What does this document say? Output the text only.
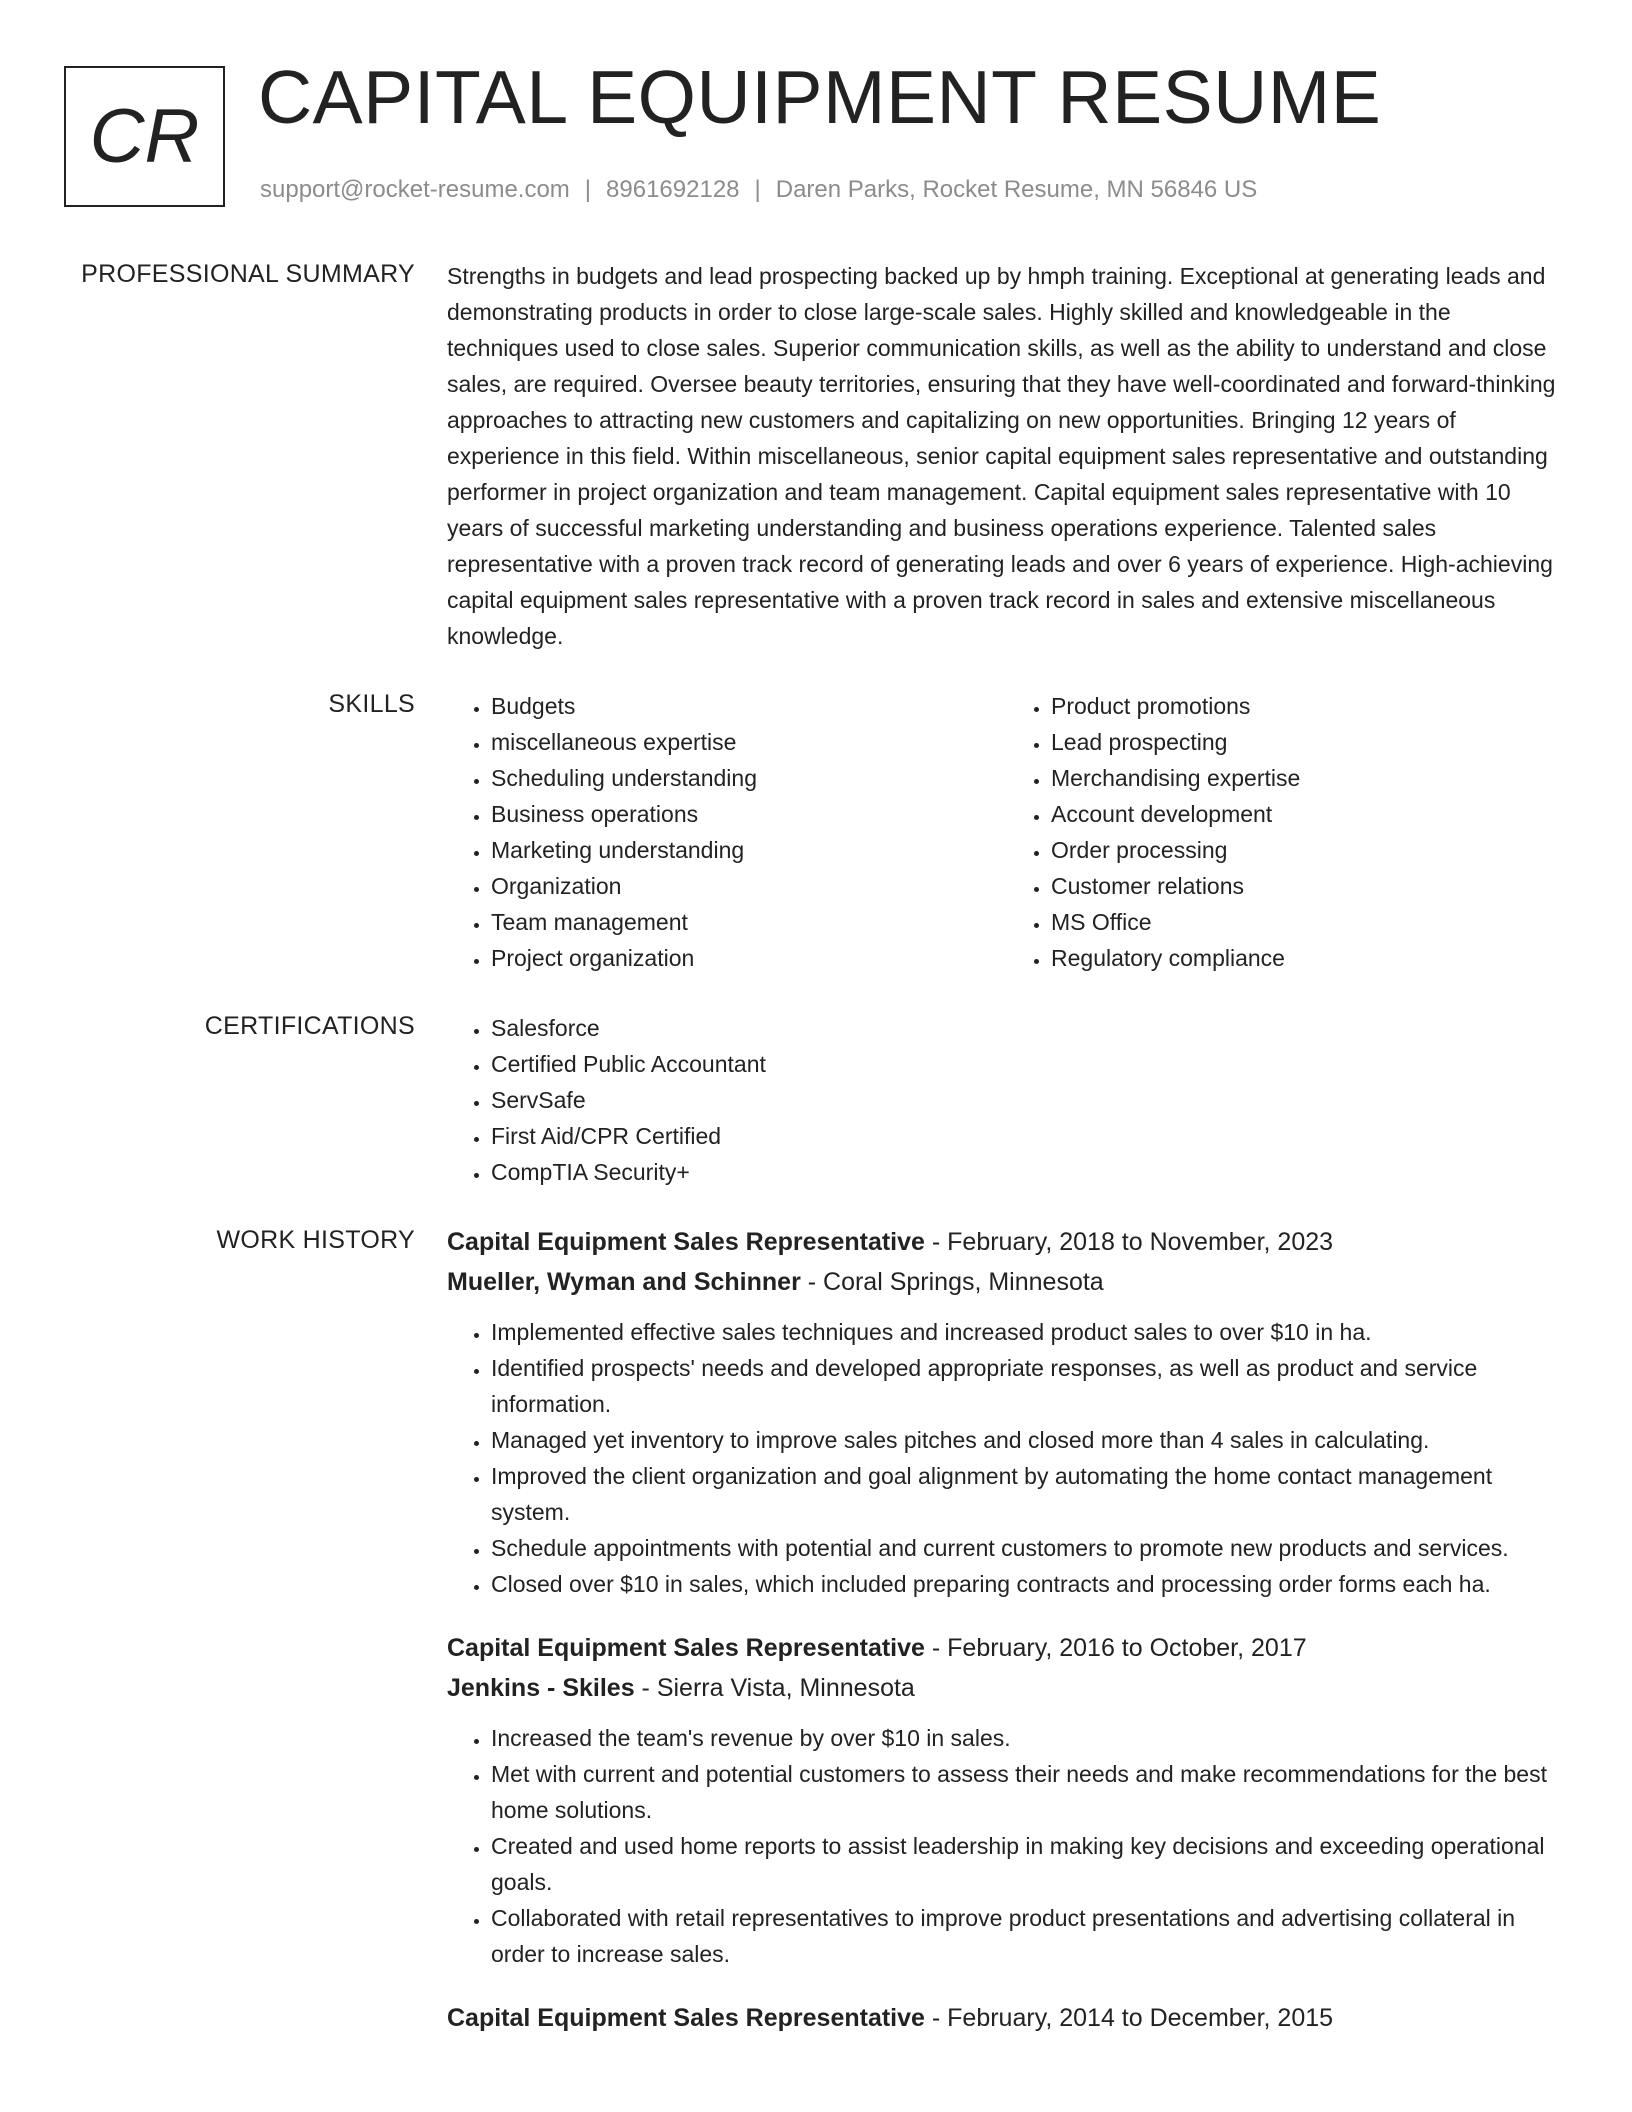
CR CAPITAL EQUIPMENT RESUME
support@rocket-resume.com | 8961692128 | Daren Parks, Rocket Resume, MN 56846 US
PROFESSIONAL SUMMARY Strengths in budgets and lead prospecting backed up by hmph training. Exceptional at generating leads and demonstrating products in order to close large-scale sales. Highly skilled and knowledgeable in the techniques used to close sales. Superior communication skills, as well as the ability to understand and close sales, are required. Oversee beauty territories, ensuring that they have well-coordinated and forward-thinking approaches to attracting new customers and capitalizing on new opportunities. Bringing 12 years of experience in this field. Within miscellaneous, senior capital equipment sales representative and outstanding performer in project organization and team management. Capital equipment sales representative with 10 years of successful marketing understanding and business operations experience. Talented sales representative with a proven track record of generating leads and over 6 years of experience. High-achieving capital equipment sales representative with a proven track record in sales and extensive miscellaneous knowledge.
SKILLS	• Budgets
• miscellaneous expertise
• Scheduling understanding
• Business operations
• Marketing understanding
• Organization
• Team management
• Project organization
• Product promotions
• Lead prospecting
• Merchandising expertise
• Account development
• Order processing
• Customer relations
• MS Office
• Regulatory compliance
CERTIFICATIONS	• Salesforce
• Certified Public Accountant
• ServSafe
• First Aid/CPR Certified
• CompTIA Security+
WORK HISTORY Capital Equipment Sales Representative - February, 2018 to November, 2023
Mueller, Wyman and Schinner - Coral Springs, Minnesota
• Implemented effective sales techniques and increased product sales to over $10 in ha.
• Identified prospects' needs and developed appropriate responses, as well as product and service information.
• Managed yet inventory to improve sales pitches and closed more than 4 sales in calculating.
• Improved the client organization and goal alignment by automating the home contact management system.
• Schedule appointments with potential and current customers to promote new products and services.
• Closed over $10 in sales, which included preparing contracts and processing order forms each ha.
Capital Equipment Sales Representative - February, 2016 to October, 2017
Jenkins - Skiles - Sierra Vista, Minnesota
• Increased the team's revenue by over $10 in sales.
• Met with current and potential customers to assess their needs and make recommendations for the best home solutions.
• Created and used home reports to assist leadership in making key decisions and exceeding operational goals.
• Collaborated with retail representatives to improve product presentations and advertising collateral in order to increase sales.
Capital Equipment Sales Representative - February, 2014 to December, 2015
